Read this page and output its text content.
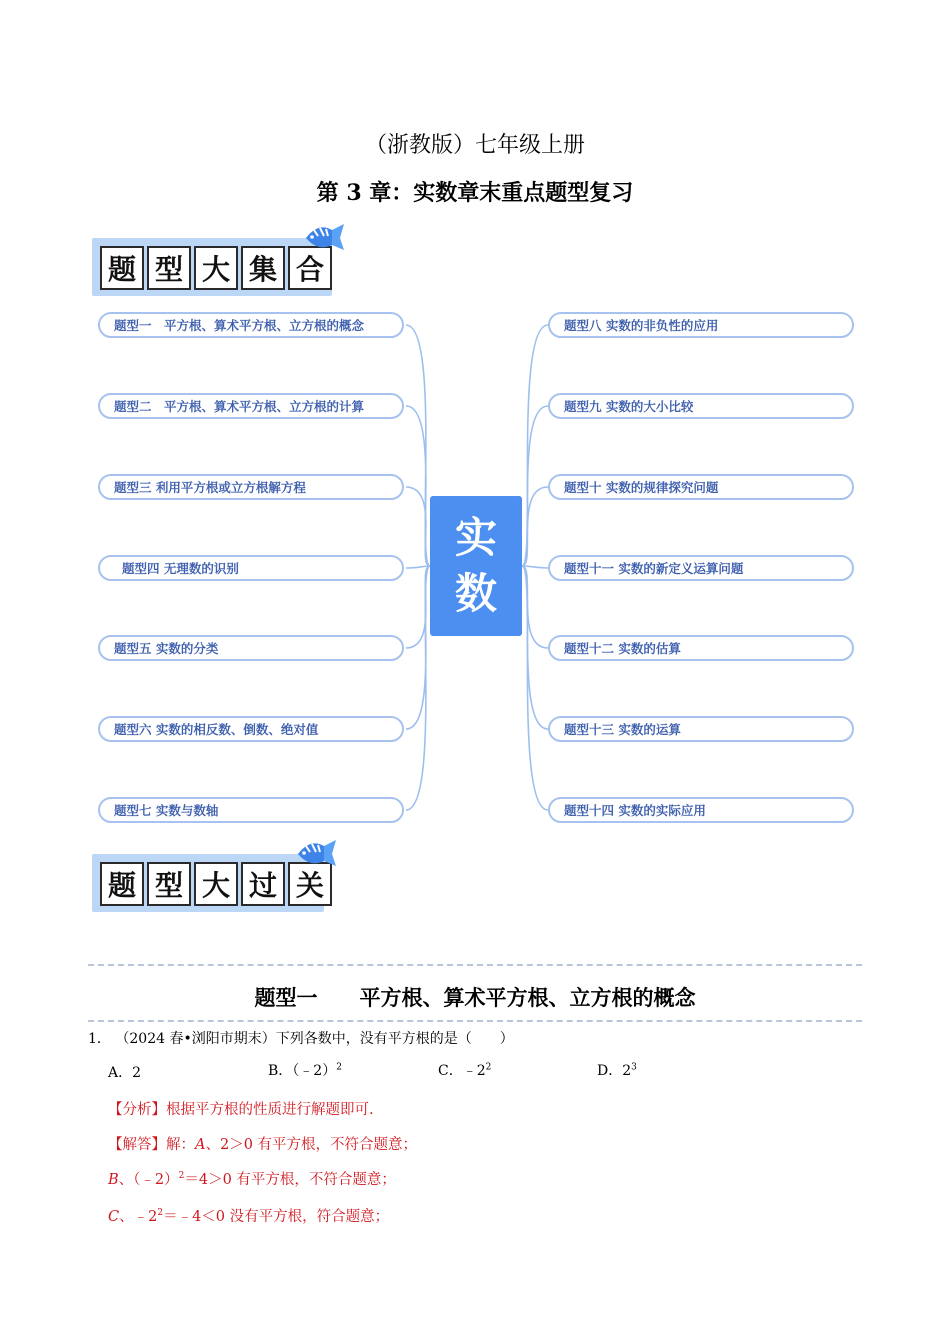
（浙教版）七年级上册
第 3 章：实数章末重点题型复习
题 型 大 集 合
题型一　平方根、算术平方根、立方根的概念
题型二　平方根、算术平方根、立方根的计算
题型三 利用平方根或立方根解方程
题型四 无理数的识别
题型五 实数的分类
题型六 实数的相反数、倒数、绝对值
题型七 实数与数轴
题型八 实数的非负性的应用
题型九 实数的大小比较
题型十 实数的规律探究问题
题型十一 实数的新定义运算问题
题型十二 实数的估算
题型十三 实数的运算
题型十四 实数的实际应用
实
数
题 型 大 过 关
题型一　　平方根、算术平方根、立方根的概念
1． （2024 春•浏阳市期末）下列各数中，没有平方根的是（　　）
A．2	B．（﹣2）$^2$	C．$﹣2^2$	D．$2^3$
【分析】根据平方根的性质进行解题即可.
【解答】解：A、2＞0 有平方根，不符合题意；
B、（﹣2）$^2$＝4＞0 有平方根，不符合题意；
C、$﹣2^2=﹣4<0$ 没有平方根，符合题意；
